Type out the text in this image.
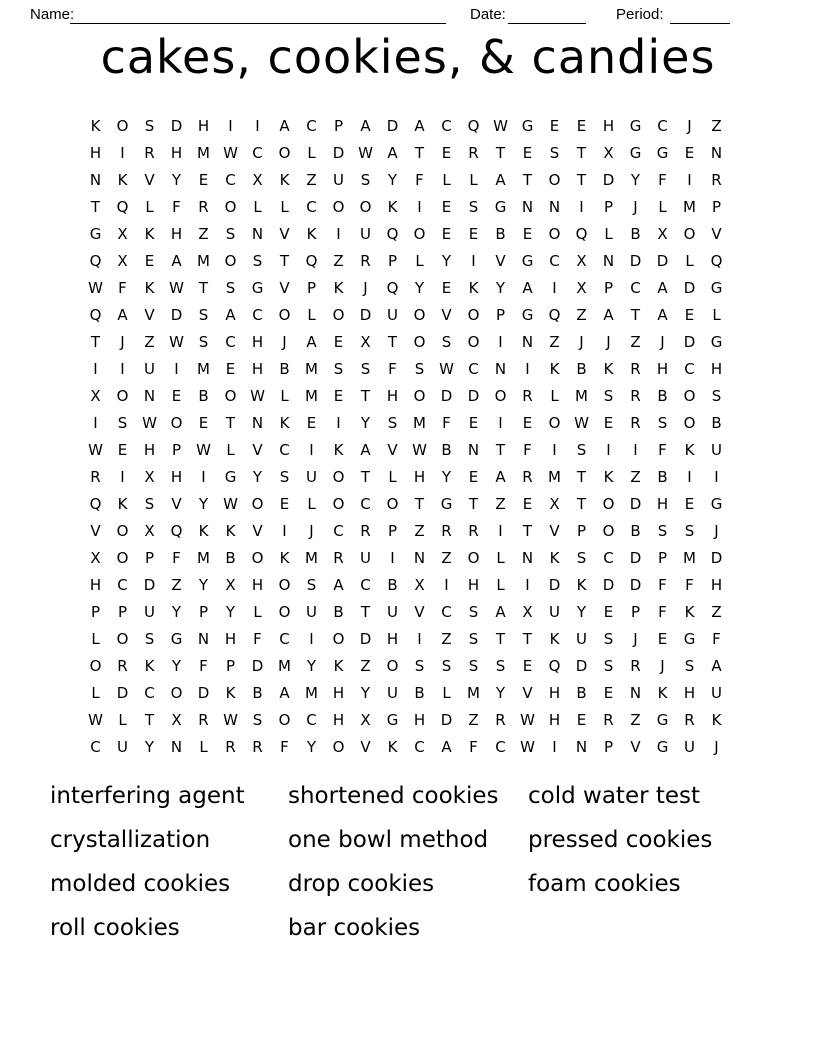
Name:	Date:	Period:
cakes, cookies, & candies
K	O	S	D	H	I	I	A	C	P	A	D	A	C	Q W G	E	E	H	G	C	J	Z
H	I	R	H M W C	O	L	D W A	T	E	R	T	E	S	T	X	G	G	E	N
N	K	V	Y	E	C	X	K	Z	U	S	Y	F	L	L	A	T	O	T	D	Y	F	I	R
T	Q	L	F	R	O	L	L	C	O	O	K	I	E	S	G	N	N	I	P	J	L	M	P
G	X	K	H	Z	S	N	V	K	I	U	Q	O	E	E	B	E	O	Q	L	B	X	O	V
Q	X	E	A	M O	S	T	Q	Z	R	P	L	Y	I	V	G	C	X	N	D	D	L	Q
W	F	K W T	S	G	V	P	K	J	Q	Y	E	K	Y	A	I	X	P	C	A	D	G
Q	A	V	D	S	A	C	O	L	O	D	U	O	V	O	P	G	Q	Z	A	T	A	E	L
T	J	Z W S	C	H	J	A	E	X	T	O	S	O	I	N	Z	J	J	Z	J	D	G
I	I	U	I	M	E	H	B	M	S	S	F	S W C	N	I	K	B	K	R	H	C	H
X	O	N	E	B	O W	L	M	E	T	H	O	D	D	O	R	L	M	S	R	B	O	S
I	S W O	E	T	N	K	E	I	Y	S	M	F	E	I	E	O W E	R	S	O	B
W E	H	P	W	L	V	C	I	K	A	V W B	N	T	F	I	S	I	I	F	K	U
R	I	X	H	I	G	Y	S	U	O	T	L	H	Y	E	A	R	M	T	K	Z	B	I	I
Q	K	S	V	Y	W O	E	L	O	C	O	T	G	T	Z	E	X	T	O	D	H	E	G
V	O	X	Q	K	K	V	I	J	C	R	P	Z	R	R	I	T	V	P	O	B	S	S	J
X	O	P	F	M	B	O	K	M	R	U	I	N	Z	O	L	N	K	S	C	D	P	M D
H	C	D	Z	Y	X	H	O	S	A	C	B	X	I	H	L	I	D	K	D	D	F	F	H
P	P	U	Y	P	Y	L	O	U	B	T	U	V	C	S	A	X	U	Y	E	P	F	K	Z
L	O	S	G	N	H	F	C	I	O	D	H	I	Z	S	T	T	K	U	S	J	E	G	F
O	R	K	Y	F	P	D M	Y	K	Z	O	S	S	S	S	E	Q	D	S	R	J	S	A
L	D	C	O	D	K	B	A	M H	Y	U	B	L	M	Y	V	H	B	E	N	K	H	U
W	L	T	X	R W S	O	C	H	X	G	H	D	Z	R W H	E	R	Z	G	R	K
C	U	Y	N	L	R	R	F	Y	O	V	K	C	A	F	C W	I	N	P	V	G	U	J
interfering agent	shortened cookies	cold water test
crystallization	one bowl method	pressed cookies
molded cookies	drop cookies	foam cookies
roll cookies	bar cookies
